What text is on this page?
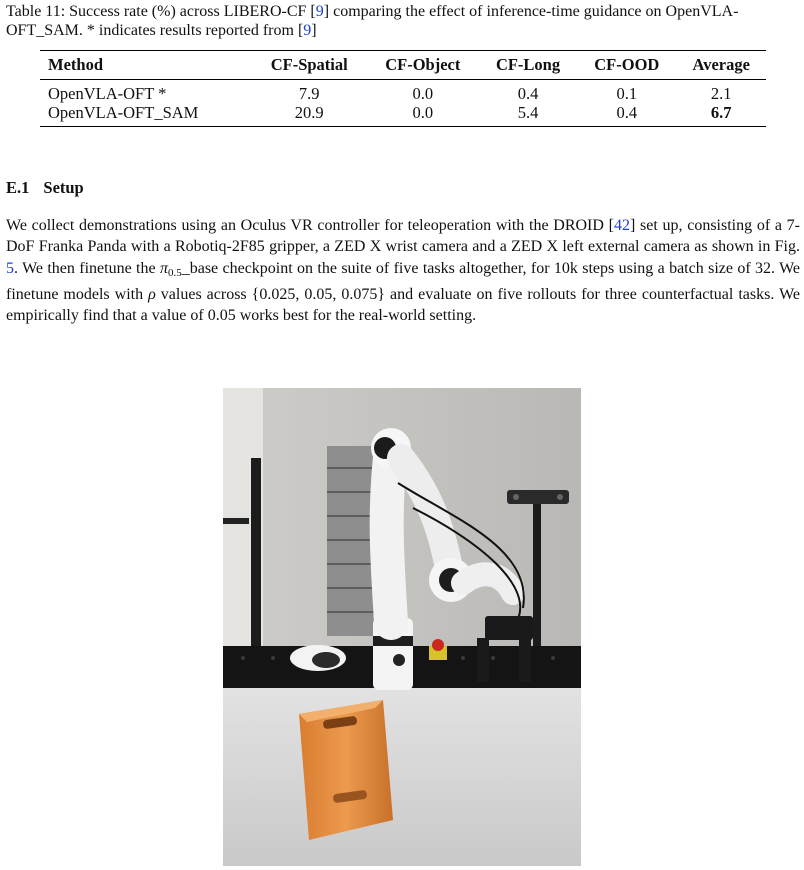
Table 11: Success rate (%) across LIBERO-CF [9] comparing the effect of inference-time guidance on OpenVLA-OFT_SAM. * indicates results reported from [9]

Method	CF-Spatial	CF-Object	CF-Long	CF-OOD	Average
OpenVLA-OFT *	7.9	0.0	0.4	0.1	2.1
OpenVLA-OFT_SAM	20.9	0.0	5.4	0.4	6.7
E.1 Setup

We collect demonstrations using an Oculus VR controller for teleoperation with the DROID [42] set up, consisting of a 7-DoF Franka Panda with a Robotiq-2F85 gripper, a ZED X wrist camera and a ZED X left external camera as shown in Fig. 5. We then finetune the $\pi_{0.5}\_base$ checkpoint on the suite of five tasks altogether, for 10k steps using a batch size of 32. We finetune models with ρ values across {0.025, 0.05, 0.075} and evaluate on five rollouts for three counterfactual tasks. We empirically find that a value of 0.05 works best for the real-world setting.
